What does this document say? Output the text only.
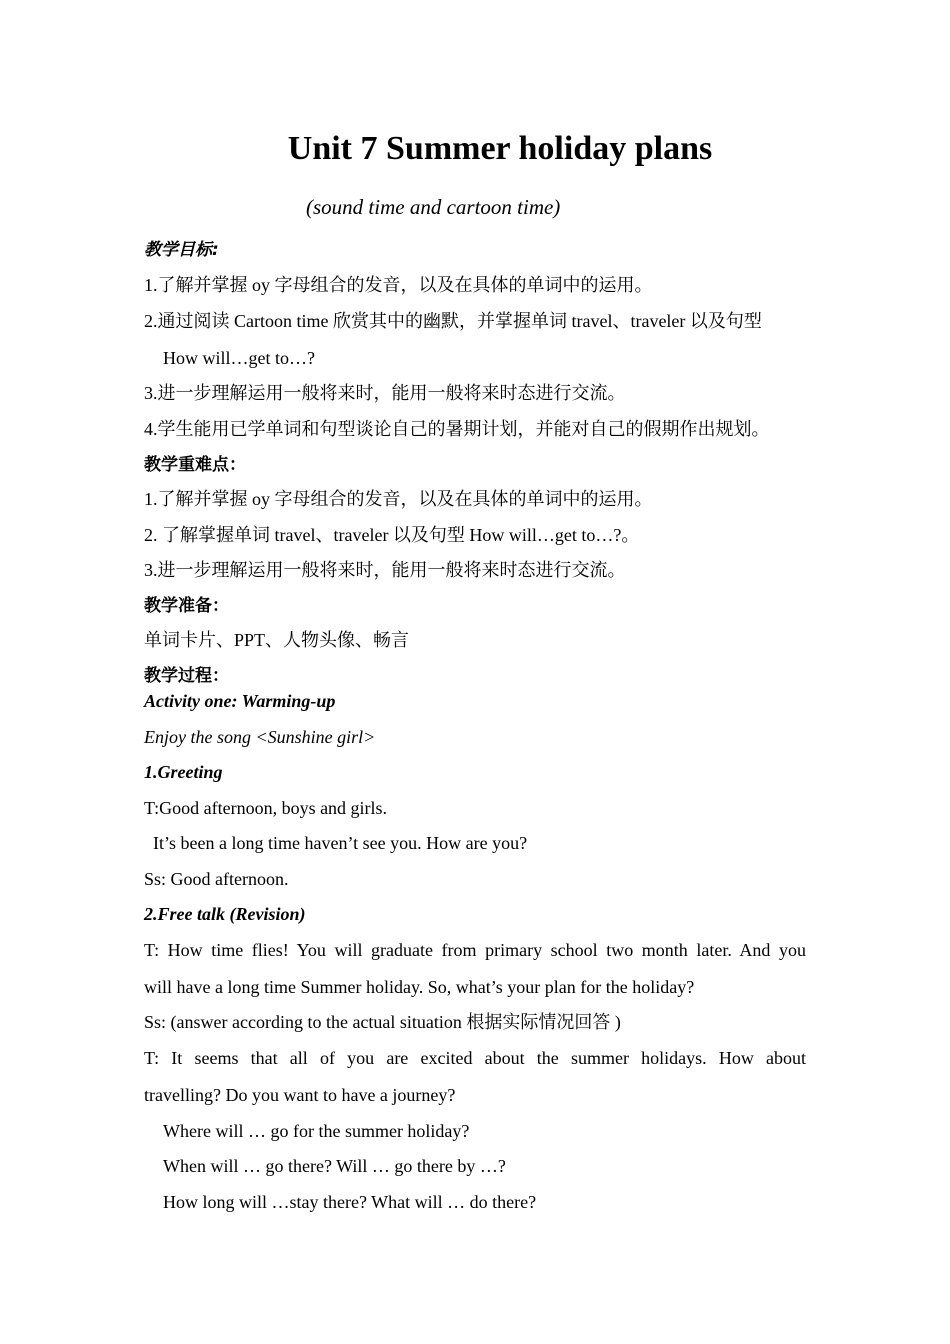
Unit 7 Summer holiday plans
(sound time and cartoon time)
教学目标:
1.了解并掌握 oy 字母组合的发音，以及在具体的单词中的运用。
2.通过阅读 Cartoon time 欣赏其中的幽默，并掌握单词 travel、traveler 以及句型
How will…get to…?
3.进一步理解运用一般将来时，能用一般将来时态进行交流。
4.学生能用已学单词和句型谈论自己的暑期计划，并能对自己的假期作出规划。
教学重难点：
1.了解并掌握 oy 字母组合的发音，以及在具体的单词中的运用。
2. 了解掌握单词 travel、traveler 以及句型 How will…get to…?。
3.进一步理解运用一般将来时，能用一般将来时态进行交流。
教学准备：
单词卡片、PPT、人物头像、畅言
教学过程：
Activity one: Warming-up
Enjoy the song <Sunshine girl>
1.Greeting
T:Good afternoon, boys and girls.
It’s been a long time haven’t see you. How are you?
Ss: Good afternoon.
2.Free talk (Revision)
T: How time flies! You will graduate from primary school two month later. And you
will have a long time Summer holiday. So, what’s your plan for the holiday?
Ss: (answer according to the actual situation 根据实际情况回答 )
T: It seems that all of you are excited about the summer holidays. How about
travelling? Do you want to have a journey?
Where will … go for the summer holiday?
When will … go there? Will … go there by …?
How long will …stay there? What will … do there?
